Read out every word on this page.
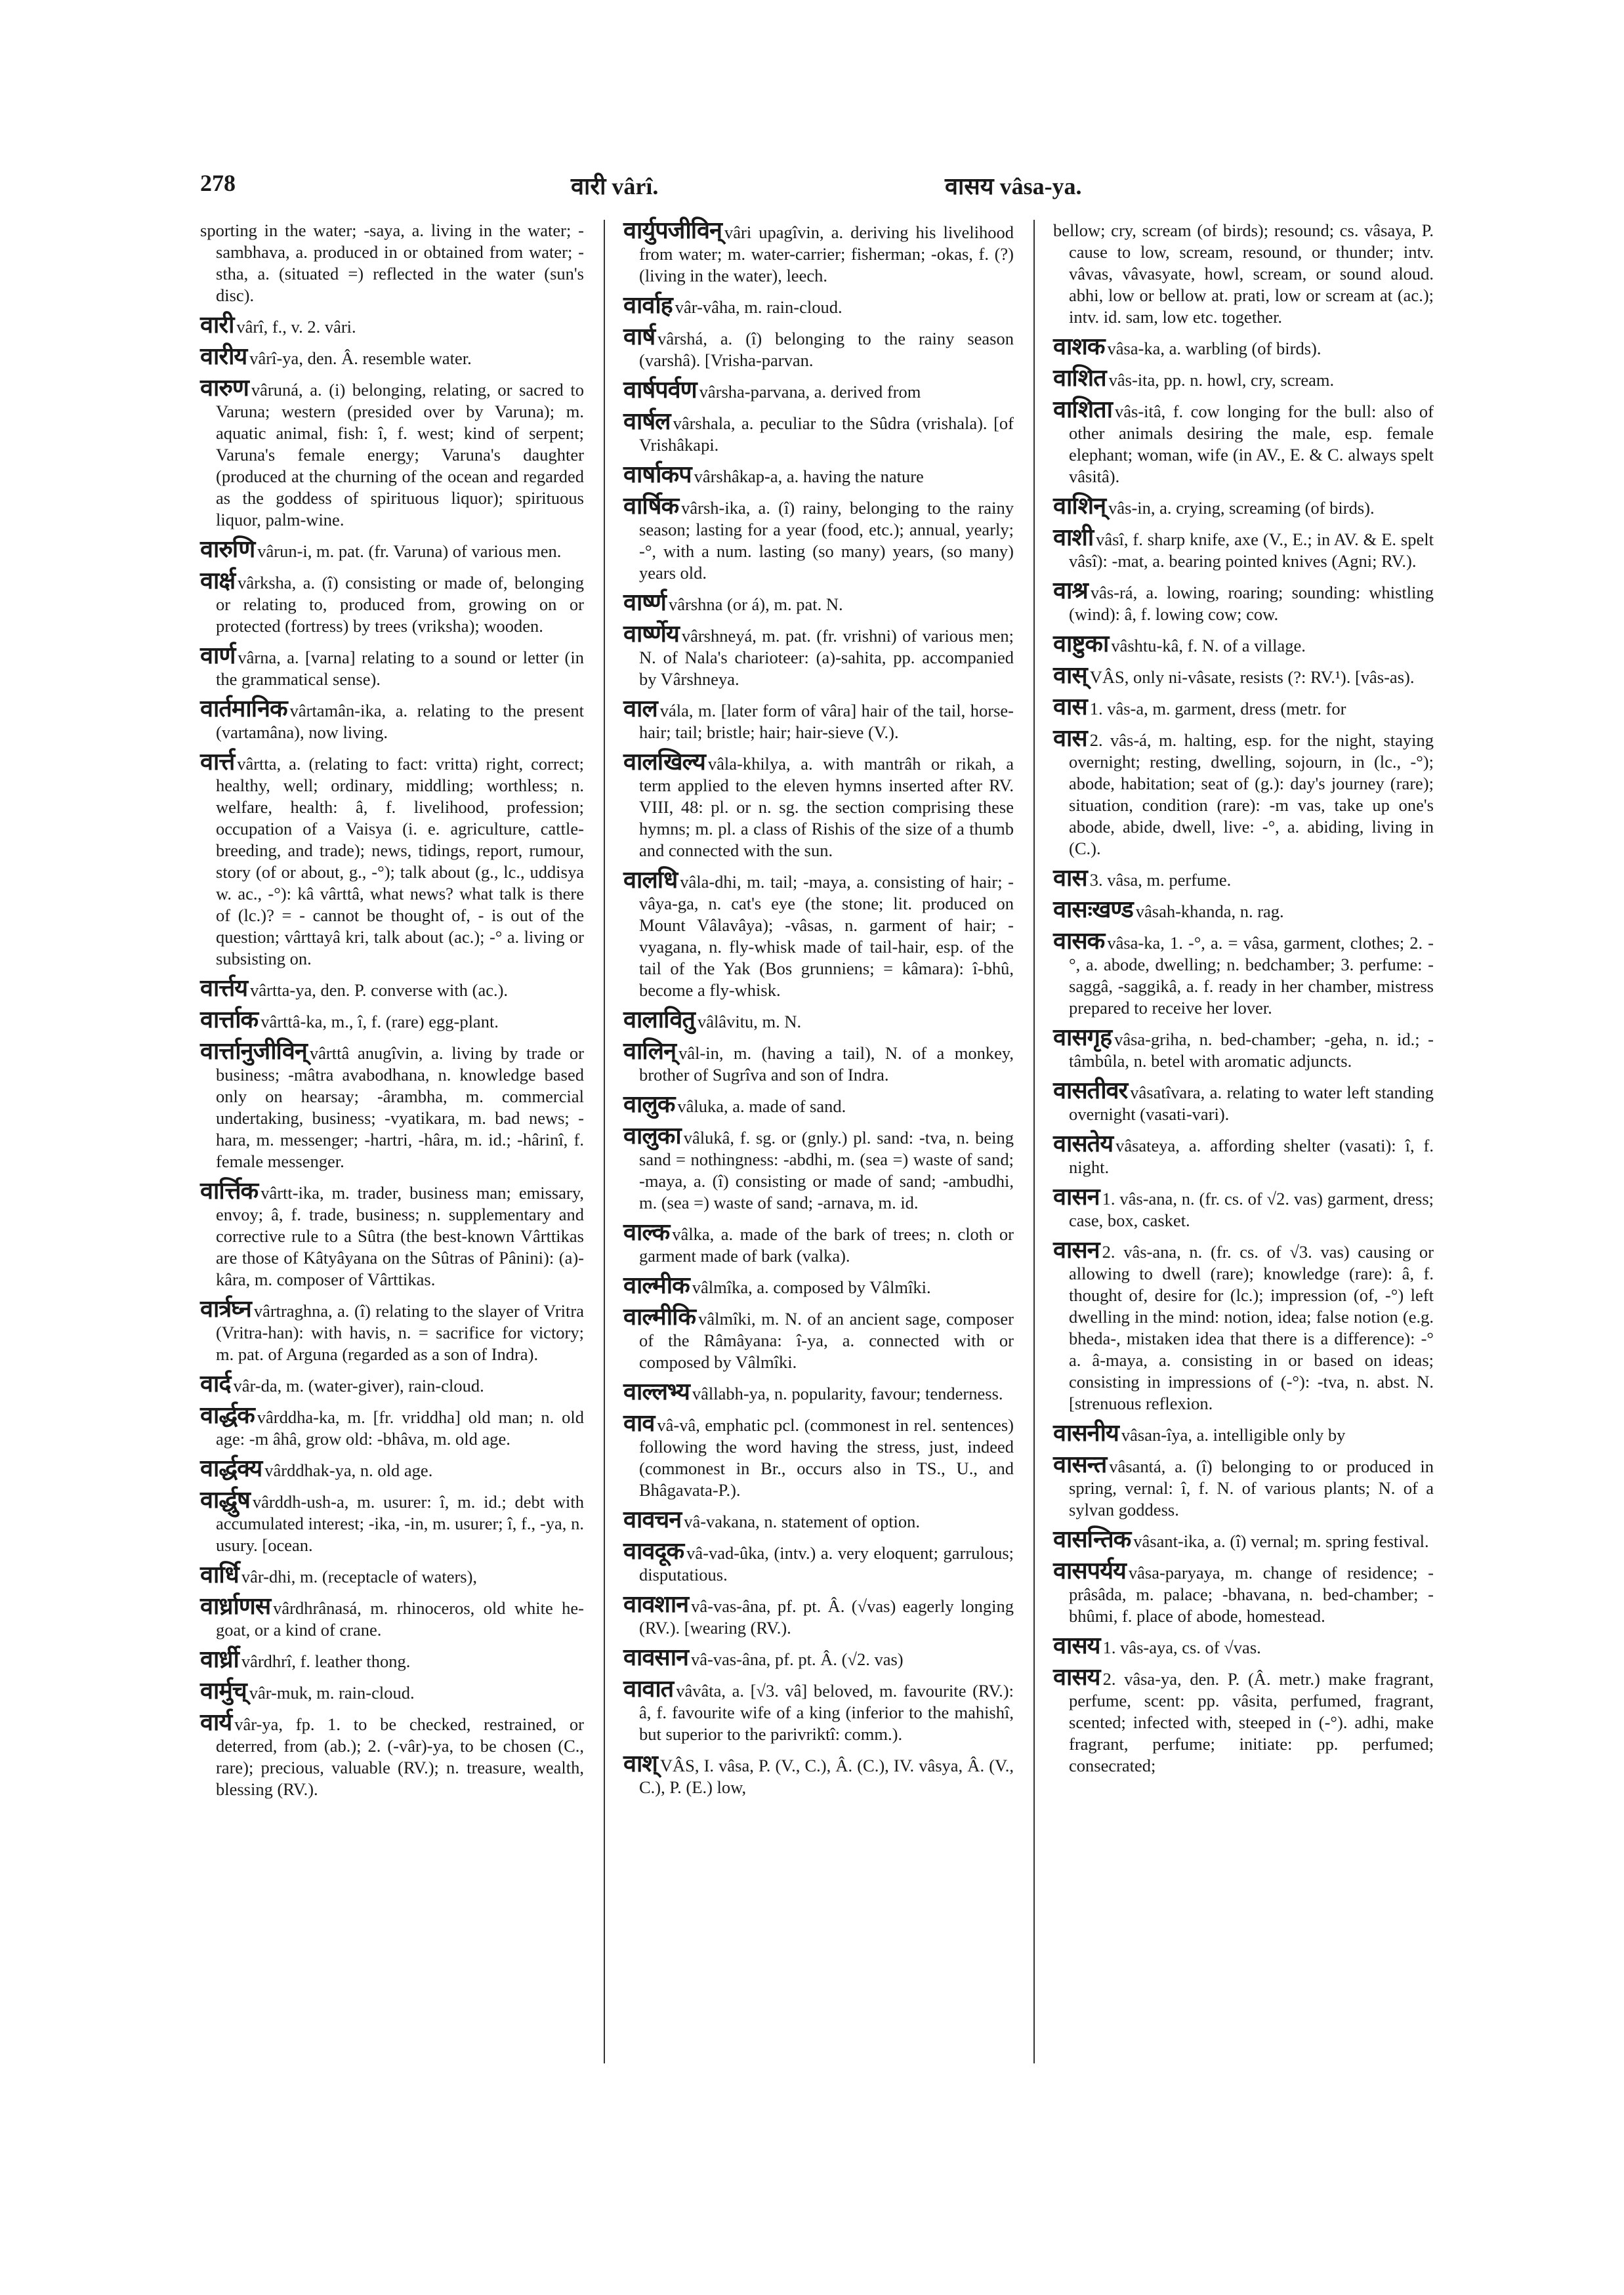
278	वारी vârî.	वासय vâsa-ya.

sporting in the water; -saya, a. living in the water; -sambhava, a. produced in or obtained from water; -stha, a. (situated =) reflected in the water (sun's disc).

वारी vârî, f., v. 2. vâri.

वारीय vârî-ya, den. Â. resemble water.

वारुण vâruná, a. (i) belonging, relating, or sacred to Varuna; western (presided over by Varuna); m. aquatic animal, fish: î, f. west; kind of serpent; Varuna's female energy; Varuna's daughter (produced at the churning of the ocean and regarded as the goddess of spirituous liquor); spirituous liquor, palm-wine.

वारुणि vârun-i, m. pat. (fr. Varuna) of various men.

वार्क्ष vârksha, a. (î) consisting or made of, belonging or relating to, produced from, growing on or protected (fortress) by trees (vriksha); wooden.

वार्ण vârna, a. [varna] relating to a sound or letter (in the grammatical sense).

वार्तमानिक vârtamân-ika, a. relating to the present (vartamâna), now living.

वार्त्त vârtta, a. (relating to fact: vritta) right, correct; healthy, well; ordinary, middling; worthless; n. welfare, health: â, f. livelihood, profession; occupation of a Vaisya (i. e. agriculture, cattle-breeding, and trade); news, tidings, report, rumour, story (of or about, g., -°); talk about (g., lc., uddisya w. ac., -°): kâ vârttâ, what news? what talk is there of (lc.)? = - cannot be thought of, - is out of the question; vârttayâ kri, talk about (ac.); -° a. living or subsisting on.

वार्त्तय vârtta-ya, den. P. converse with (ac.).

वार्त्ताक vârttâ-ka, m., î, f. (rare) egg-plant.

वार्त्तानुजीविन् vârttâ anugîvin, a. living by trade or business; -mâtra avabodhana, n. knowledge based only on hearsay; -ârambha, m. commercial undertaking, business; -vyatikara, m. bad news; -hara, m. messenger; -hartri, -hâra, m. id.; -hârinî, f. female messenger.

वार्त्तिक vârtt-ika, m. trader, business man; emissary, envoy; â, f. trade, business; n. supplementary and corrective rule to a Sûtra (the best-known Vârttikas are those of Kâtyâyana on the Sûtras of Pânini): (a)-kâra, m. composer of Vârttikas.

वार्त्रघ्न vârtraghna, a. (î) relating to the slayer of Vritra (Vritra-han): with havis, n. = sacrifice for victory; m. pat. of Arguna (regarded as a son of Indra).

वार्द vâr-da, m. (water-giver), rain-cloud.

वार्द्धक vârddha-ka, m. [fr. vriddha] old man; n. old age: -m âhâ, grow old: -bhâva, m. old age.

वार्द्धक्य vârddhak-ya, n. old age.

वार्द्धुष vârddh-ush-a, m. usurer: î, m. id.; debt with accumulated interest; -ika, -in, m. usurer; î, f., -ya, n. usury. [ocean.

वार्धि vâr-dhi, m. (receptacle of waters),

वार्ध्राणस vârdhrânasá, m. rhinoceros, old white he-goat, or a kind of crane.

वार्ध्री vârdhrî, f. leather thong.

वार्मुच् vâr-muk, m. rain-cloud.

वार्य vâr-ya, fp. 1. to be checked, restrained, or deterred, from (ab.); 2. (-vâr)-ya, to be chosen (C., rare); precious, valuable (RV.); n. treasure, wealth, blessing (RV.).

वार्युपजीविन् vâri upagîvin, a. deriving his livelihood from water; m. water-carrier; fisherman; -okas, f. (?) (living in the water), leech.

वार्वाह vâr-vâha, m. rain-cloud.

वार्ष vârshá, a. (î) belonging to the rainy season (varshâ). [Vrisha-parvan.

वार्षपर्वण vârsha-parvana, a. derived from

वार्षल vârshala, a. peculiar to the Sûdra (vrishala). [of Vrishâkapi.

वार्षाकप vârshâkap-a, a. having the nature

वार्षिक vârsh-ika, a. (î) rainy, belonging to the rainy season; lasting for a year (food, etc.); annual, yearly; -°, with a num. lasting (so many) years, (so many) years old.

वार्ष्ण vârshna (or á), m. pat. N.

वार्ष्णेय vârshneyá, m. pat. (fr. vrishni) of various men; N. of Nala's charioteer: (a)-sahita, pp. accompanied by Vârshneya.

वाल vála, m. [later form of vâra] hair of the tail, horse-hair; tail; bristle; hair; hair-sieve (V.).

वालखिल्य vâla-khilya, a. with mantrâh or rikah, a term applied to the eleven hymns inserted after RV. VIII, 48: pl. or n. sg. the section comprising these hymns; m. pl. a class of Rishis of the size of a thumb and connected with the sun.

वालधि vâla-dhi, m. tail; -maya, a. consisting of hair; -vâya-ga, n. cat's eye (the stone; lit. produced on Mount Vâlavâya); -vâsas, n. garment of hair; -vyagana, n. fly-whisk made of tail-hair, esp. of the tail of the Yak (Bos grunniens; = kâmara): î-bhû, become a fly-whisk.

वालावितु vâlâvitu, m. N.

वालिन् vâl-in, m. (having a tail), N. of a monkey, brother of Sugrîva and son of Indra.

वालुक vâluka, a. made of sand.

वालुका vâlukâ, f. sg. or (gnly.) pl. sand: -tva, n. being sand = nothingness: -abdhi, m. (sea =) waste of sand; -maya, a. (î) consisting or made of sand; -ambudhi, m. (sea =) waste of sand; -arnava, m. id.

वाल्क vâlka, a. made of the bark of trees; n. cloth or garment made of bark (valka).

वाल्मीक vâlmîka, a. composed by Vâlmîki.

वाल्मीकि vâlmîki, m. N. of an ancient sage, composer of the Râmâyana: î-ya, a. connected with or composed by Vâlmîki.

वाल्लभ्य vâllabh-ya, n. popularity, favour; tenderness.

वाव vâ-vâ, emphatic pcl. (commonest in rel. sentences) following the word having the stress, just, indeed (commonest in Br., occurs also in TS., U., and Bhâgavata-P.).

वावचन vâ-vakana, n. statement of option.

वावदूक vâ-vad-ûka, (intv.) a. very eloquent; garrulous; disputatious.

वावशान vâ-vas-âna, pf. pt. Â. (√vas) eagerly longing (RV.). [wearing (RV.).

वावसान vâ-vas-âna, pf. pt. Â. (√2. vas)

वावात vâvâta, a. [√3. vâ] beloved, m. favourite (RV.): â, f. favourite wife of a king (inferior to the mahishî, but superior to the parivriktî: comm.).

वाश् VÂS, I. vâsa, P. (V., C.), Â. (C.), IV. vâsya, Â. (V., C.), P. (E.) low,

bellow; cry, scream (of birds); resound; cs. vâsaya, P. cause to low, scream, resound, or thunder; intv. vâvas, vâvasyate, howl, scream, or sound aloud. abhi, low or bellow at. prati, low or scream at (ac.); intv. id. sam, low etc. together.

वाशक vâsa-ka, a. warbling (of birds).

वाशित vâs-ita, pp. n. howl, cry, scream.

वाशिता vâs-itâ, f. cow longing for the bull: also of other animals desiring the male, esp. female elephant; woman, wife (in AV., E. & C. always spelt vâsitâ).

वाशिन् vâs-in, a. crying, screaming (of birds).

वाशी vâsî, f. sharp knife, axe (V., E.; in AV. & E. spelt vâsî): -mat, a. bearing pointed knives (Agni; RV.).

वाश्र vâs-rá, a. lowing, roaring; sounding: whistling (wind): â, f. lowing cow; cow.

वाष्टुका vâshtu-kâ, f. N. of a village.

वास् VÂS, only ni-vâsate, resists (?: RV.¹). [vâs-as).

वास 1. vâs-a, m. garment, dress (metr. for

वास 2. vâs-á, m. halting, esp. for the night, staying overnight; resting, dwelling, sojourn, in (lc., -°); abode, habitation; seat of (g.): day's journey (rare); situation, condition (rare): -m vas, take up one's abode, abide, dwell, live: -°, a. abiding, living in (C.).

वास 3. vâsa, m. perfume.

वासःखण्ड vâsah-khanda, n. rag.

वासक vâsa-ka, 1. -°, a. = vâsa, garment, clothes; 2. -°, a. abode, dwelling; n. bedchamber; 3. perfume: -saggâ, -saggikâ, a. f. ready in her chamber, mistress prepared to receive her lover.

वासगृह vâsa-griha, n. bed-chamber; -geha, n. id.; -tâmbûla, n. betel with aromatic adjuncts.

वासतीवर vâsatîvara, a. relating to water left standing overnight (vasati-vari).

वासतेय vâsateya, a. affording shelter (vasati): î, f. night.

वासन 1. vâs-ana, n. (fr. cs. of √2. vas) garment, dress; case, box, casket.

वासन 2. vâs-ana, n. (fr. cs. of √3. vas) causing or allowing to dwell (rare); knowledge (rare): â, f. thought of, desire for (lc.); impression (of, -°) left dwelling in the mind: notion, idea; false notion (e.g. bheda-, mistaken idea that there is a difference): -° a. â-maya, a. consisting in or based on ideas; consisting in impressions of (-°): -tva, n. abst. N. [strenuous reflexion.

वासनीय vâsan-îya, a. intelligible only by

वासन्त vâsantá, a. (î) belonging to or produced in spring, vernal: î, f. N. of various plants; N. of a sylvan goddess.

वासन्तिक vâsant-ika, a. (î) vernal; m. spring festival.

वासपर्यय vâsa-paryaya, m. change of residence; -prâsâda, m. palace; -bhavana, n. bed-chamber; -bhûmi, f. place of abode, homestead.

वासय 1. vâs-aya, cs. of √vas.

वासय 2. vâsa-ya, den. P. (Â. metr.) make fragrant, perfume, scent: pp. vâsita, perfumed, fragrant, scented; infected with, steeped in (-°). adhi, make fragrant, perfume; initiate: pp. perfumed; consecrated;
